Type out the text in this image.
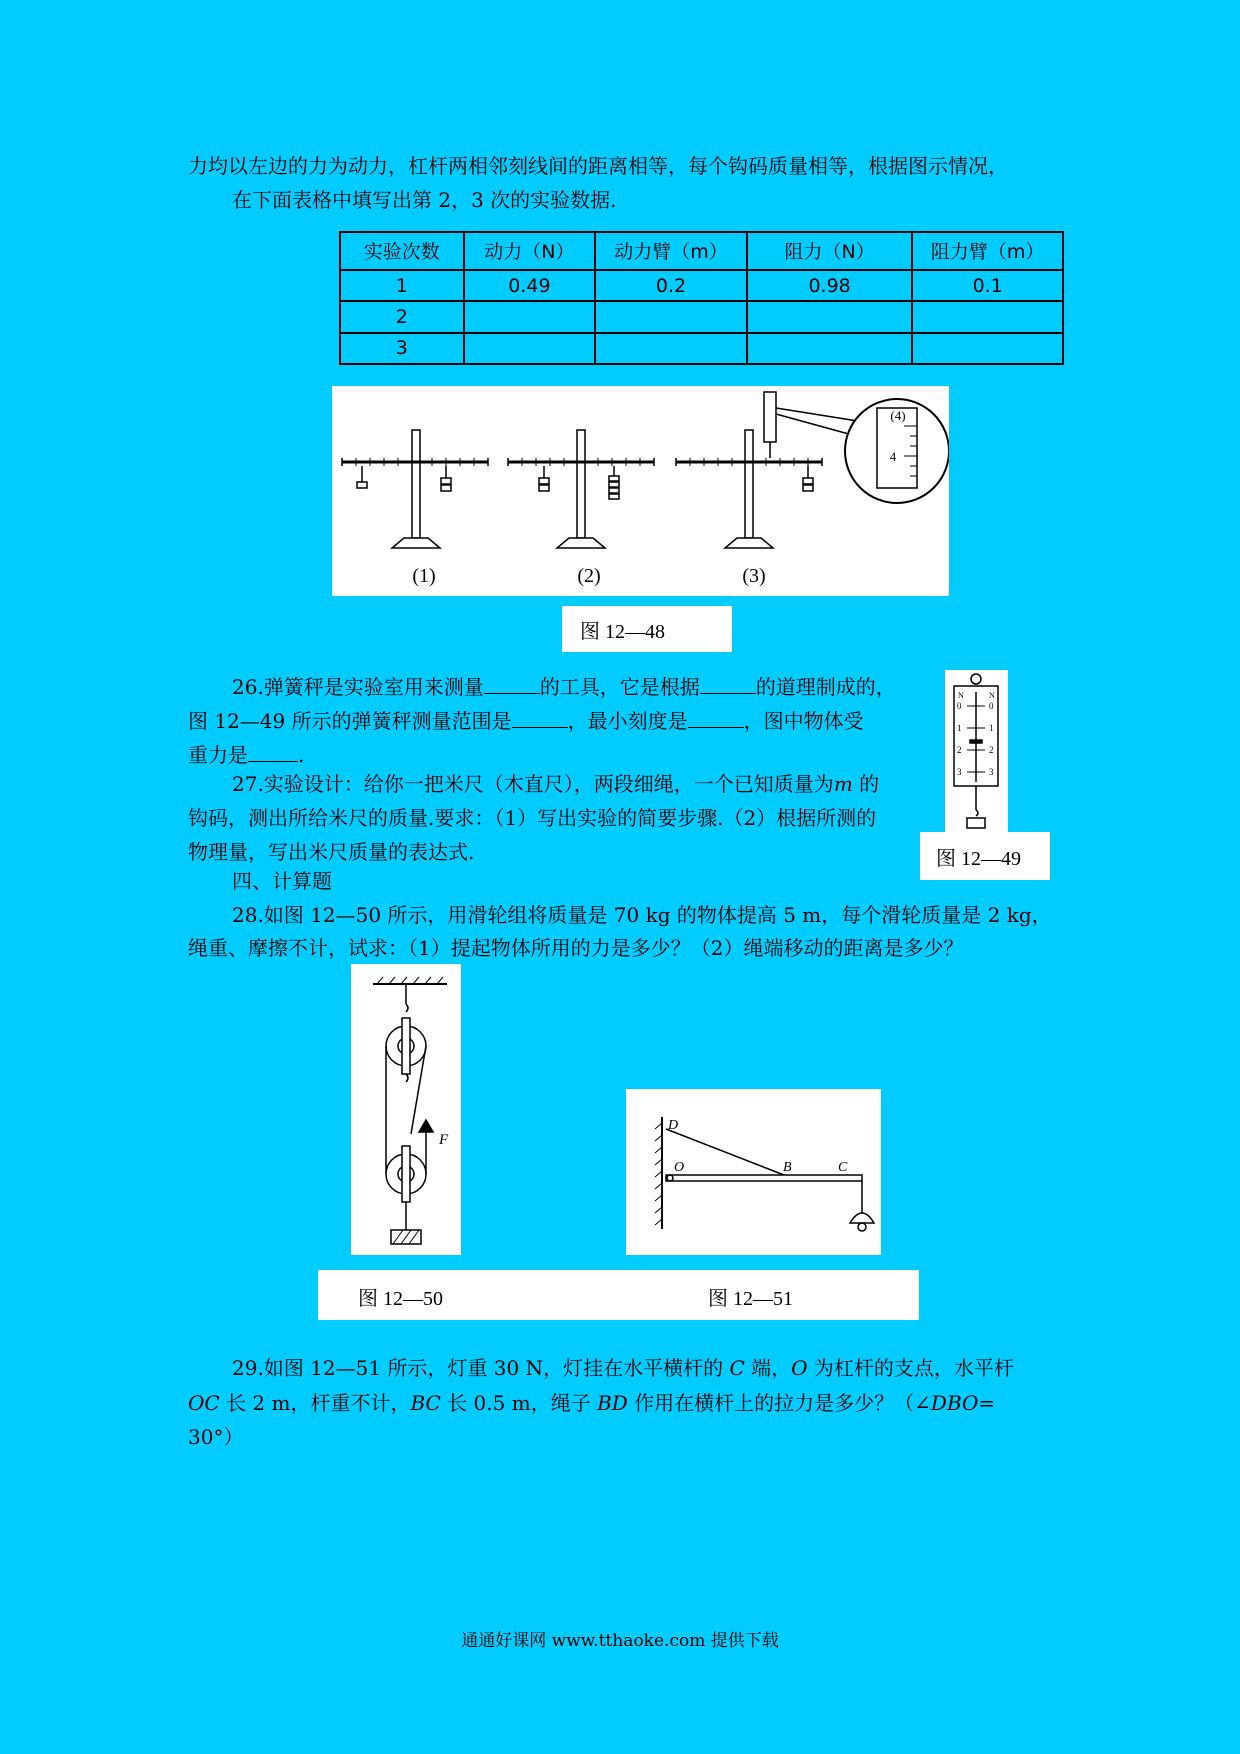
力均以左边的力为动力，杠杆两相邻刻线间的距离相等，每个钩码质量相等，根据图示情况，
在下面表格中填写出第 2，3 次的实验数据.
实验次数	动力（N）	动力臂（m）	阻力（N）	阻力臂（m）
1	0.49	0.2	0.98	0.1
2				
3				
(4)
4
(1)	(2)	(3)
图 12—48
26.弹簧秤是实验室用来测量	的工具，它是根据	的道理制成的，
图 12—49 所示的弹簧秤测量范围是	，最小刻度是	，图中物体受
重力是	.
N	N
0
1
2
3
0
1
2
3
图 12—49
27.实验设计：给你一把米尺（木直尺），两段细绳，一个已知质量为m 的
钩码，测出所给米尺的质量.要求：（1）写出实验的简要步骤.（2）根据所测的
物理量，写出米尺质量的表达式.
四、计算题
28.如图 12—50 所示，用滑轮组将质量是 70 kg 的物体提高 5 m，每个滑轮质量是 2 kg，
绳重、摩擦不计，试求：（1）提起物体所用的力是多少？（2）绳端移动的距离是多少？
F
D
O	B	C
图 12—50	图 12—51
29.如图 12—51 所示，灯重 30 N，灯挂在水平横杆的 C 端，O 为杠杆的支点，水平杆
OC 长 2 m，杆重不计，BC 长 0.5 m，绳子 BD 作用在横杆上的拉力是多少？（∠DBO=
30°）
通通好课网 www.tthaoke.com 提供下载
